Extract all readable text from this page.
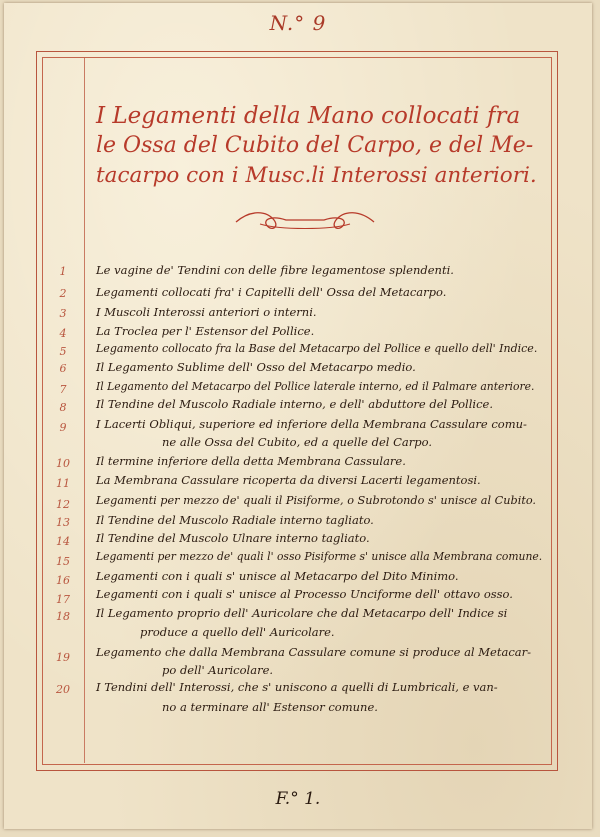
N.° 9
I Legamenti della Mano collocati fra
le Ossa del Cubito del Carpo, e del Me-
tacarpo con i Musc.li Interossi anteriori.
1	Le vagine de' Tendini con delle fibre legamentose splendenti.
2	Legamenti collocati fra' i Capitelli dell' Ossa del Metacarpo.
3	I Muscoli Interossi anteriori o interni.
4	La Troclea per l' Estensor del Pollice.
5	Legamento collocato fra la Base del Metacarpo del Pollice e quello dell' Indice.
6	Il Legamento Sublime dell' Osso del Metacarpo medio.
7	Il Legamento del Metacarpo del Pollice laterale interno, ed il Palmare anteriore.
8	Il Tendine del Muscolo Radiale interno, e dell' abduttore del Pollice.
9	I Lacerti Obliqui, superiore ed inferiore della Membrana Cassulare comu-
ne alle Ossa del Cubito, ed a quelle del Carpo.
10	Il termine inferiore della detta Membrana Cassulare.
11	La Membrana Cassulare ricoperta da diversi Lacerti legamentosi.
12	Legamenti per mezzo de' quali il Pisiforme, o Subrotondo s' unisce al Cubito.
13	Il Tendine del Muscolo Radiale interno tagliato.
14	Il Tendine del Muscolo Ulnare interno tagliato.
15	Legamenti per mezzo de' quali l' osso Pisiforme s' unisce alla Membrana comune.
16	Legamenti con i quali s' unisce al Metacarpo del Dito Minimo.
17	Legamenti con i quali s' unisce al Processo Unciforme dell' ottavo osso.
18	Il Legamento proprio dell' Auricolare che dal Metacarpo dell' Indice si
produce a quello dell' Auricolare.
19	Legamento che dalla Membrana Cassulare comune si produce al Metacar-
po dell' Auricolare.
20	I Tendini dell' Interossi, che s' uniscono a quelli di Lumbricali, e van-
no a terminare all' Estensor comune.
F.° 1.
